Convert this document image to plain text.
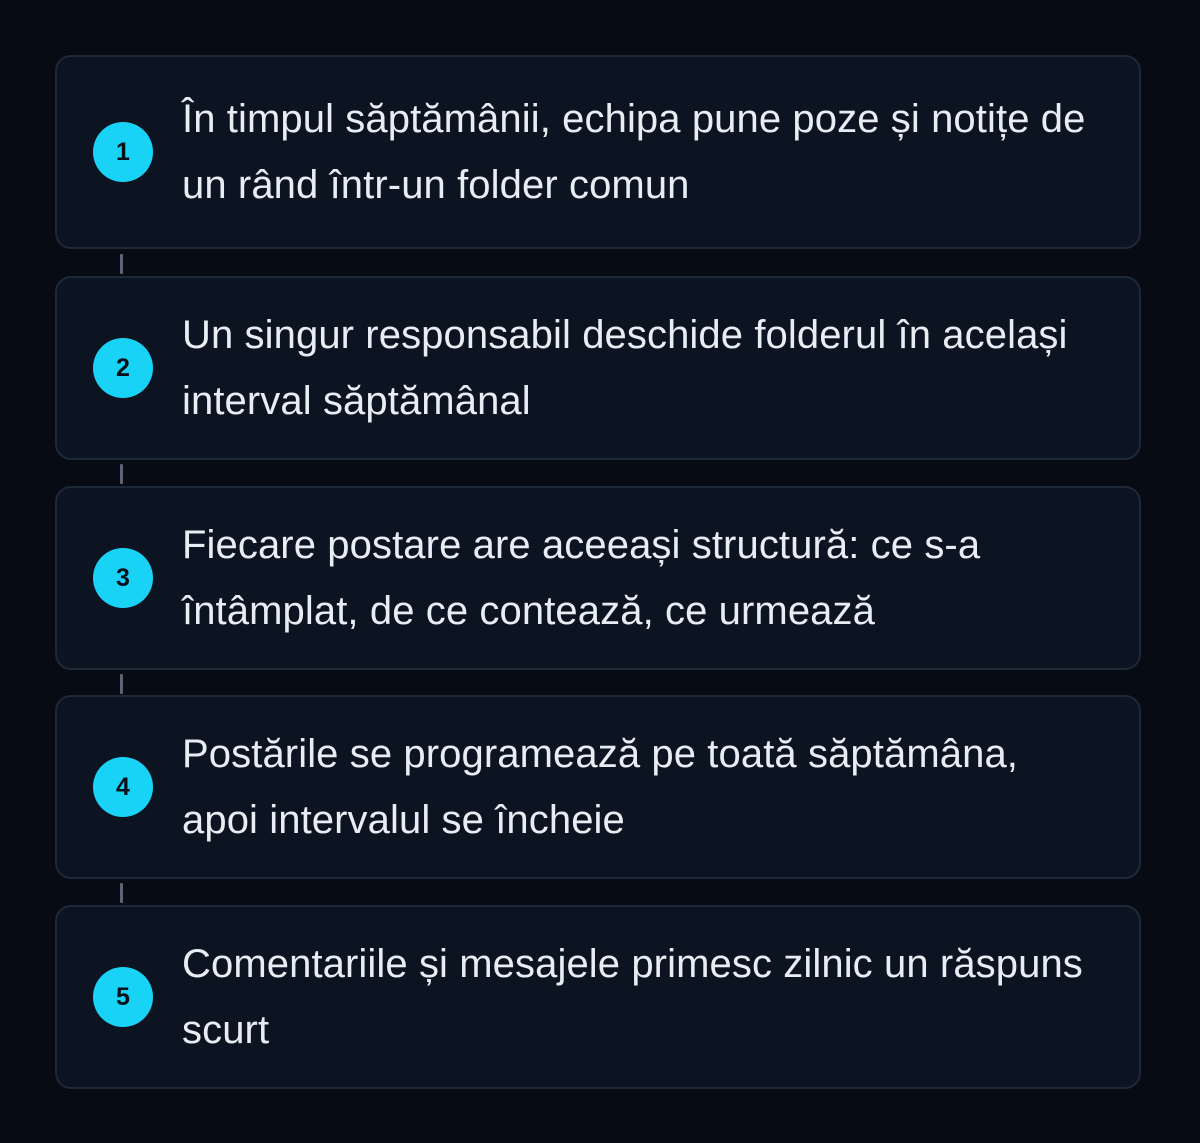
1
În timpul săptămânii, echipa pune poze și notițe de un rând într-un folder comun
2
Un singur responsabil deschide folderul în același interval săptămânal
3
Fiecare postare are aceeași structură: ce s-a întâmplat, de ce contează, ce urmează
4
Postările se programează pe toată săptămâna, apoi intervalul se încheie
5
Comentariile și mesajele primesc zilnic un răspuns scurt
